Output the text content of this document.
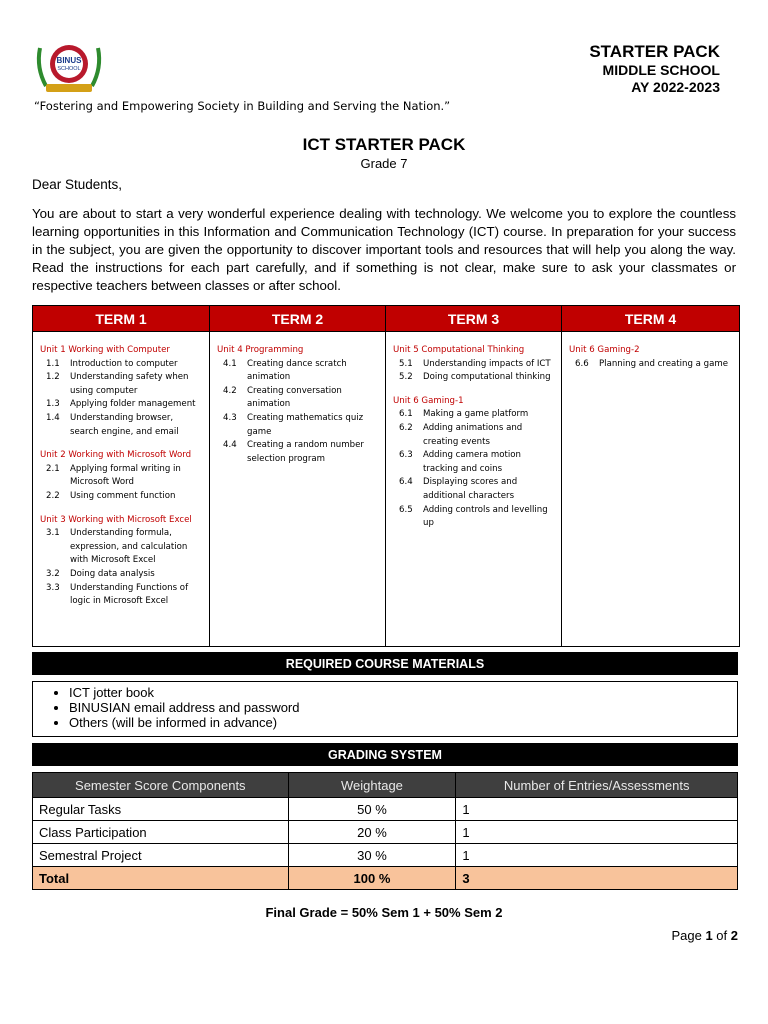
BINUS
SCHOOL
STARTER PACK
MIDDLE SCHOOL
AY 2022-2023
“Fostering and Empowering Society in Building and Serving the Nation.”
ICT STARTER PACK
Grade 7
Dear Students,
You are about to start a very wonderful experience dealing with technology. We welcome you to explore the countless learning opportunities in this Information and Communication Technology (ICT) course. In preparation for your success in the subject, you are given the opportunity to discover important tools and resources that will help you along the way. Read the instructions for each part carefully, and if something is not clear, make sure to ask your classmates or respective teachers between classes or after school.
TERM 1
Unit 1 Working with Computer
1.1	Introduction to computer
1.2	Understanding safety when using computer
1.3	Applying folder management
1.4	Understanding browser, search engine, and email
Unit 2 Working with Microsoft Word
2.1	Applying formal writing in Microsoft Word
2.2	Using comment function
Unit 3 Working with Microsoft Excel
3.1	Understanding formula, expression, and calculation with Microsoft Excel
3.2	Doing data analysis
3.3	Understanding Functions of logic in Microsoft Excel
TERM 2
Unit 4 Programming
4.1	Creating dance scratch animation
4.2	Creating conversation animation
4.3	Creating mathematics quiz game
4.4	Creating a random number selection program
TERM 3
Unit 5 Computational Thinking
5.1	Understanding impacts of ICT
5.2	Doing computational thinking
Unit 6 Gaming-1
6.1	Making a game platform
6.2	Adding animations and creating events
6.3	Adding camera motion tracking and coins
6.4	Displaying scores and additional characters
6.5	Adding controls and levelling up
TERM 4
Unit 6 Gaming-2
6.6	Planning and creating a game
REQUIRED COURSE MATERIALS
• ICT jotter book
• BINUSIAN email address and password
• Others (will be informed in advance)
GRADING SYSTEM
Semester Score Components	Weightage	Number of Entries/Assessments
Regular Tasks	50 %	1
Class Participation	20 %	1
Semestral Project	30 %	1
Total	100 %	3
Final Grade = 50% Sem 1 + 50% Sem 2
Page 1 of 2
